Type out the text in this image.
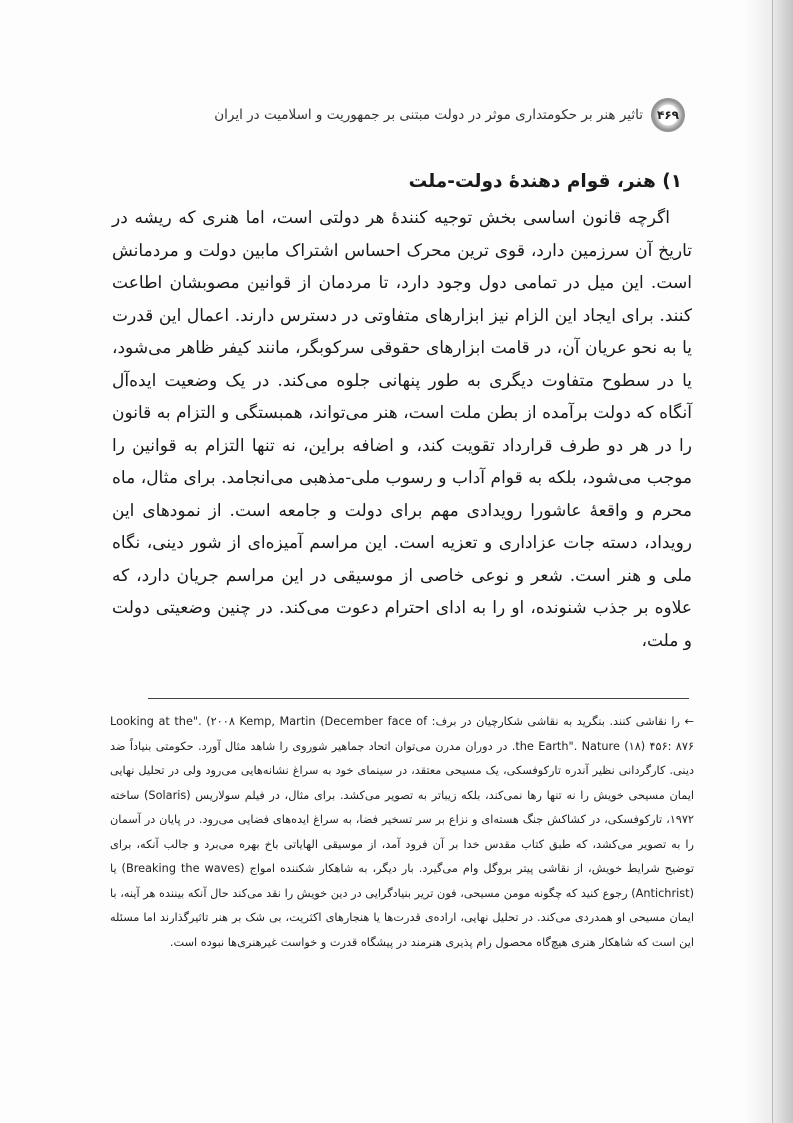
۴۶۹
تاثیر هنر بر حکومتداری موثر در دولت مبتنی بر جمهوریت و اسلامیت در ایران
۱) هنر، قوام دهندهٔ دولت-ملت

اگرچه قانون اساسی بخش توجیه کنندهٔ هر دولتی است، اما هنری که ریشه در تاریخ آن سرزمین دارد، قوی ترین محرک احساس اشتراک مابین دولت و مردمانش است. این میل در تمامی دول وجود دارد، تا مردمان از قوانین مصوبشان اطاعت کنند. برای ایجاد این الزام نیز ابزارهای متفاوتی در دسترس دارند. اعمال این قدرت یا به نحو عریان آن، در قامت ابزارهای حقوقی سرکوبگر، مانند کیفر ظاهر می‌شود، یا در سطوح متفاوت دیگری به طور پنهانی جلوه می‌کند. در یک وضعیت ایده‌آل آنگاه که دولت برآمده از بطن ملت است، هنر می‌تواند، همبستگی و التزام به قانون را در هر دو طرف قرارداد تقویت کند، و اضافه براین، نه تنها التزام به قوانین را موجب می‌شود، بلکه به قوام آداب و رسوب ملی-مذهبی می‌انجامد. برای مثال، ماه محرم و واقعهٔ عاشورا رویدادی مهم برای دولت و جامعه است. از نمودهای این رویداد، دسته جات عزاداری و تعزیه است. این مراسم آمیزه‌ای از شور دینی، نگاه ملی و هنر است. شعر و نوعی خاصی از موسیقی در این مراسم جریان دارد، که علاوه بر جذب شنونده، او را به ادای احترام دعوت می‌کند. در چنین وضعیتی دولت و ملت،

← را نقاشی کنند. بنگرید به نقاشی شکارچیان در برف: Looking at the". (۲۰۰۸ Kemp, Martin (December face of the Earth". Nature (۱۸) ۴۵۶: ۸۷۶. در دوران مدرن می‌توان اتحاد جماهیر شوروی را شاهد مثال آورد. حکومتی بنیاداً ضد دینی. کارگردانی نظیر آندره تارکوفسکی، یک مسیحی معتقد، در سینمای خود به سراغ نشانه‌هایی می‌رود ولی در تحلیل نهایی ایمان مسیحی خویش را نه تنها رها نمی‌کند، بلکه زیباتر به تصویر می‌کشد. برای مثال، در فیلم سولاریس (Solaris) ساخته ۱۹۷۲، تارکوفسکی، در کشاکش جنگ هسته‌ای و نزاع بر سر تسخیر فضا، به سراغ ایده‌های فضایی می‌رود. در پایان در آسمان را به تصویر می‌کشد، که طبق کتاب مقدس خدا بر آن فرود آمد، از موسیقی الهایاتی باخ بهره می‌برد و جالب آنکه، برای توضیح شرایط خویش، از نقاشی پیتر بروگل وام می‌گیرد. بار دیگر، به شاهکار شکننده امواج (Breaking the waves) یا (Antichrist) رجوع کنید که چگونه مومن مسیحی، فون تریر بنیادگرایی در دین خویش را نقد می‌کند حال آنکه بیننده هر آینه، با ایمان مسیحی او همدردی می‌کند. در تحلیل نهایی، اراده‌ی قدرت‌ها یا هنجارهای اکثریت، بی شک بر هنر تاثیرگذارند اما مسئله این است که شاهکار هنری هیچ‌گاه محصول رام پذیری هنرمند در پیشگاه قدرت و خواست غیرهنری‌ها نبوده است.
